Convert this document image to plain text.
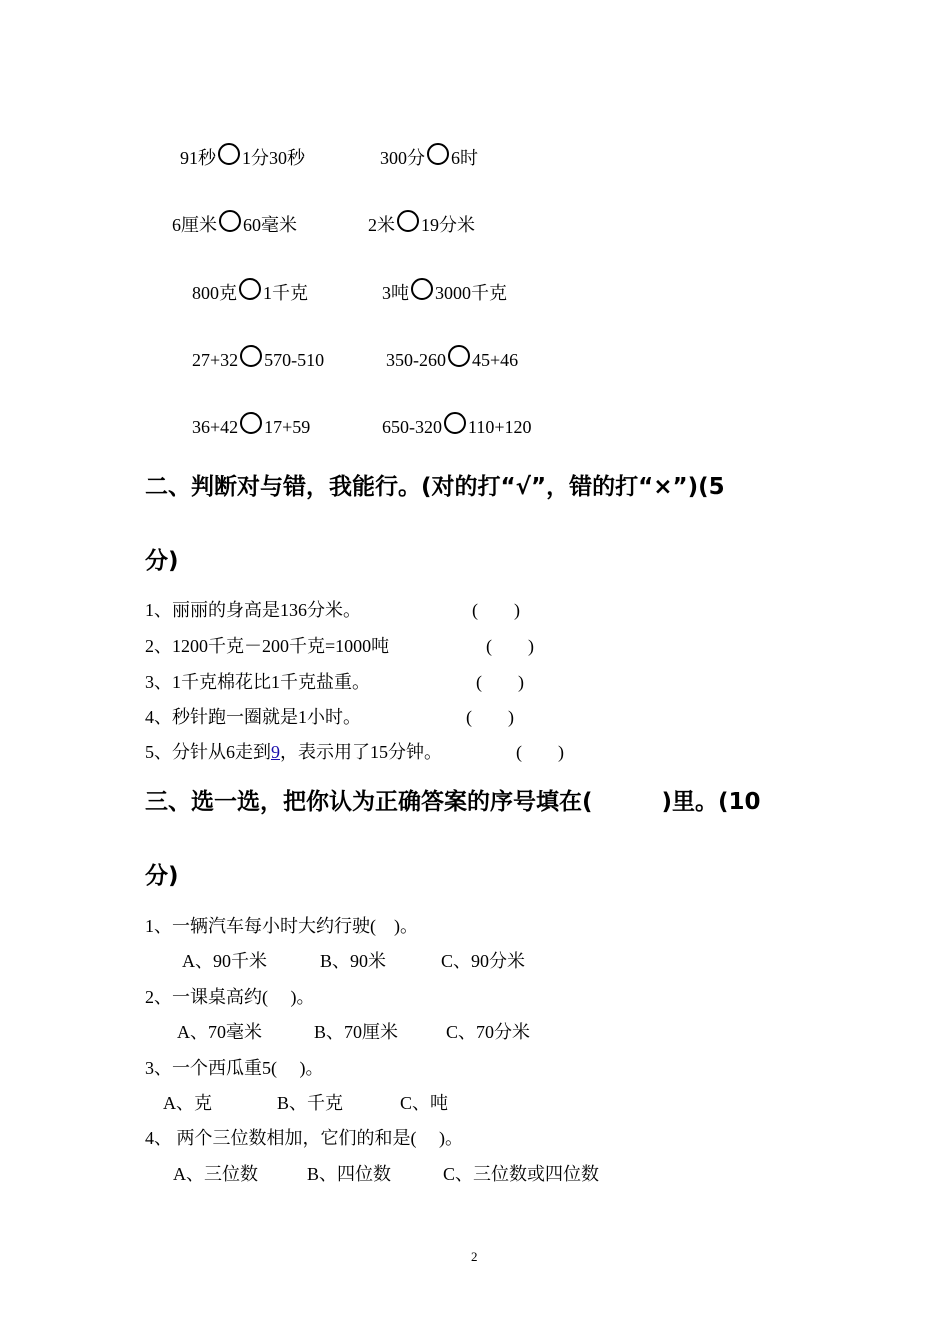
91秒 1分30秒	300分 6时
6厘米 60毫米	2米 19分米
800克 1千克	3吨 3000千克
27+32 570-510	350-260 45+46
36+42 17+59	650-320 110+120
二、判断对与错，我能行。(对的打“√”，错的打“×”)(5
分)
1、丽丽的身高是136分米。	(　　)
2、1200千克－200千克=1000吨	(　　)
3、1千克棉花比1千克盐重。	(　　)
4、秒针跑一圈就是1小时。	(　　)
5、分针从6走到9，表示用了15分钟。	(　　)
三、选一选，把你认为正确答案的序号填在(　　　)里。(10
分)
1、一辆汽车每小时大约行驶(　)。
A、90千米	B、90米	C、90分米
2、一课桌高约(　 )。
A、70毫米	B、70厘米	C、70分米
3、一个西瓜重5(　 )。
A、克	B、千克	C、吨
4、 两个三位数相加，它们的和是(　 )。
A、三位数	B、四位数	C、三位数或四位数
2
